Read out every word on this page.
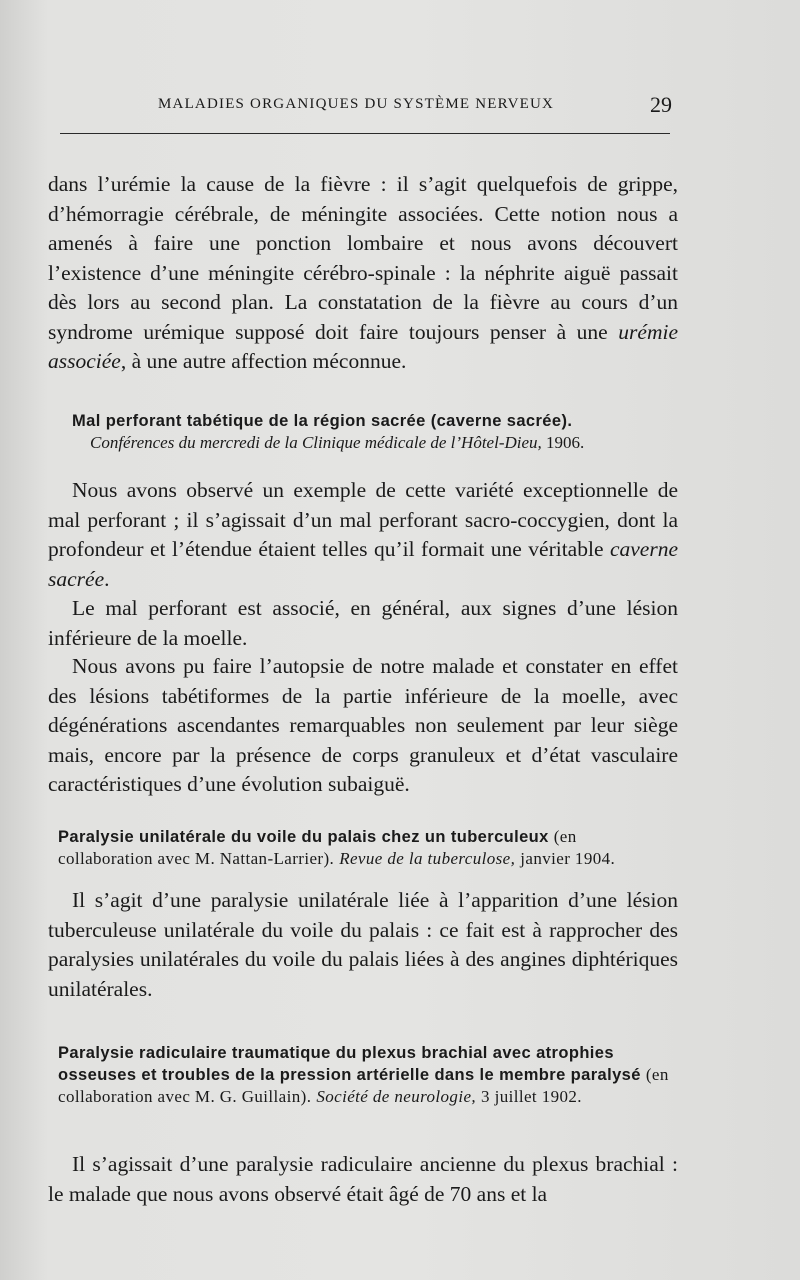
MALADIES ORGANIQUES DU SYSTÈME NERVEUX	29

dans l’urémie la cause de la fièvre : il s’agit quelquefois de grippe, d’hémorragie cérébrale, de méningite associées. Cette notion nous a amenés à faire une ponction lombaire et nous avons découvert l’existence d’une méningite cérébro-spinale : la néphrite aiguë passait dès lors au second plan. La constatation de la fièvre au cours d’un syndrome urémique supposé doit faire toujours penser à une urémie associée, à une autre affection méconnue.

Mal perforant tabétique de la région sacrée (caverne sacrée).

Conférences du mercredi de la Clinique médicale de l’Hôtel-Dieu, 1906.

Nous avons observé un exemple de cette variété exceptionnelle de mal perforant ; il s’agissait d’un mal perforant sacro-coccygien, dont la profondeur et l’étendue étaient telles qu’il formait une véritable caverne sacrée.

Le mal perforant est associé, en général, aux signes d’une lésion inférieure de la moelle.

Nous avons pu faire l’autopsie de notre malade et constater en effet des lésions tabétiformes de la partie inférieure de la moelle, avec dégénérations ascendantes remarquables non seulement par leur siège mais, encore par la présence de corps granuleux et d’état vasculaire caractéristiques d’une évolution subaiguë.

Paralysie unilatérale du voile du palais chez un tuberculeux (en collaboration avec M. Nattan-Larrier). Revue de la tuberculose, janvier 1904.

Il s’agit d’une paralysie unilatérale liée à l’apparition d’une lésion tuberculeuse unilatérale du voile du palais : ce fait est à rapprocher des paralysies unilatérales du voile du palais liées à des angines diphtériques unilatérales.

Paralysie radiculaire traumatique du plexus brachial avec atrophies osseuses et troubles de la pression artérielle dans le membre paralysé (en collaboration avec M. G. Guillain). Société de neurologie, 3 juillet 1902.

Il s’agissait d’une paralysie radiculaire ancienne du plexus brachial : le malade que nous avons observé était âgé de 70 ans et la
